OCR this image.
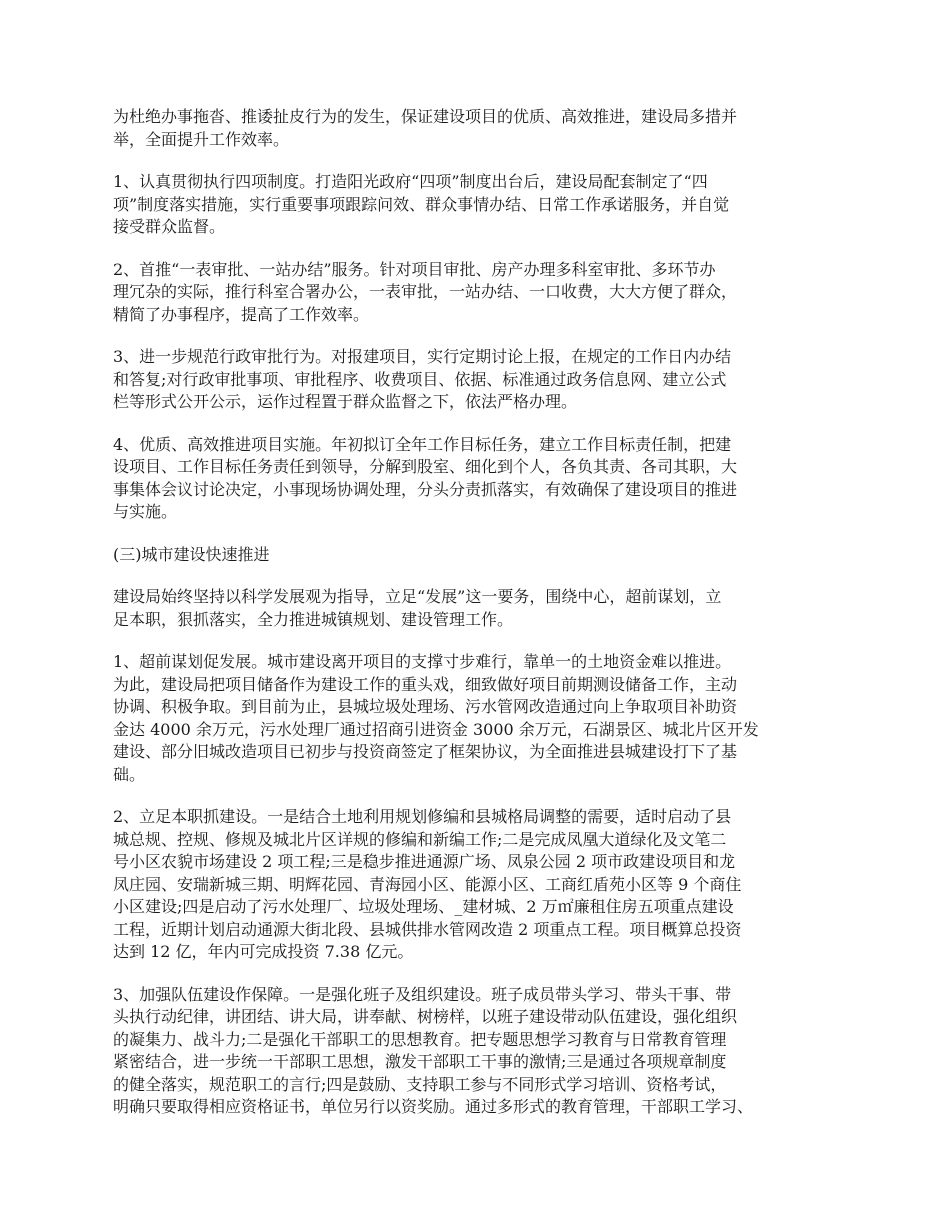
为杜绝办事拖沓、推诿扯皮行为的发生，保证建设项目的优质、高效推进，建设局多措并
举，全面提升工作效率。

1、认真贯彻执行四项制度。打造阳光政府“四项”制度出台后，建设局配套制定了“四
项”制度落实措施，实行重要事项跟踪问效、群众事情办结、日常工作承诺服务，并自觉
接受群众监督。

2、首推“一表审批、一站办结”服务。针对项目审批、房产办理多科室审批、多环节办
理冗杂的实际，推行科室合署办公，一表审批，一站办结、一口收费，大大方便了群众，
精简了办事程序，提高了工作效率。

3、进一步规范行政审批行为。对报建项目，实行定期讨论上报，在规定的工作日内办结
和答复;对行政审批事项、审批程序、收费项目、依据、标准通过政务信息网、建立公式
栏等形式公开公示，运作过程置于群众监督之下，依法严格办理。

4、优质、高效推进项目实施。年初拟订全年工作目标任务，建立工作目标责任制，把建
设项目、工作目标任务责任到领导，分解到股室、细化到个人，各负其责、各司其职，大
事集体会议讨论决定，小事现场协调处理，分头分责抓落实，有效确保了建设项目的推进
与实施。

(三)城市建设快速推进

建设局始终坚持以科学发展观为指导，立足“发展”这一要务，围绕中心，超前谋划，立
足本职，狠抓落实，全力推进城镇规划、建设管理工作。

1、超前谋划促发展。城市建设离开项目的支撑寸步难行，靠单一的土地资金难以推进。
为此，建设局把项目储备作为建设工作的重头戏，细致做好项目前期测设储备工作，主动
协调、积极争取。到目前为止，县城垃圾处理场、污水管网改造通过向上争取项目补助资
金达 4000 余万元，污水处理厂通过招商引进资金 3000 余万元，石湖景区、城北片区开发
建设、部分旧城改造项目已初步与投资商签定了框架协议，为全面推进县城建设打下了基
础。

2、立足本职抓建设。一是结合土地利用规划修编和县城格局调整的需要，适时启动了县
城总规、控规、修规及城北片区详规的修编和新编工作;二是完成凤凰大道绿化及文笔二
号小区农貌市场建设 2 项工程;三是稳步推进通源广场、凤泉公园 2 项市政建设项目和龙
凤庄园、安瑞新城三期、明辉花园、青海园小区、能源小区、工商红盾苑小区等 9 个商住
小区建设;四是启动了污水处理厂、垃圾处理场、_建材城、2 万㎡廉租住房五项重点建设
工程，近期计划启动通源大街北段、县城供排水管网改造 2 项重点工程。项目概算总投资
达到 12 亿，年内可完成投资 7.38 亿元。

3、加强队伍建设作保障。一是强化班子及组织建设。班子成员带头学习、带头干事、带
头执行动纪律，讲团结、讲大局，讲奉献、树榜样，以班子建设带动队伍建设，强化组织
的凝集力、战斗力;二是强化干部职工的思想教育。把专题思想学习教育与日常教育管理
紧密结合，进一步统一干部职工思想，激发干部职工干事的激情;三是通过各项规章制度
的健全落实，规范职工的言行;四是鼓励、支持职工参与不同形式学习培训、资格考试，
明确只要取得相应资格证书，单位另行以资奖励。通过多形式的教育管理，干部职工学习、
